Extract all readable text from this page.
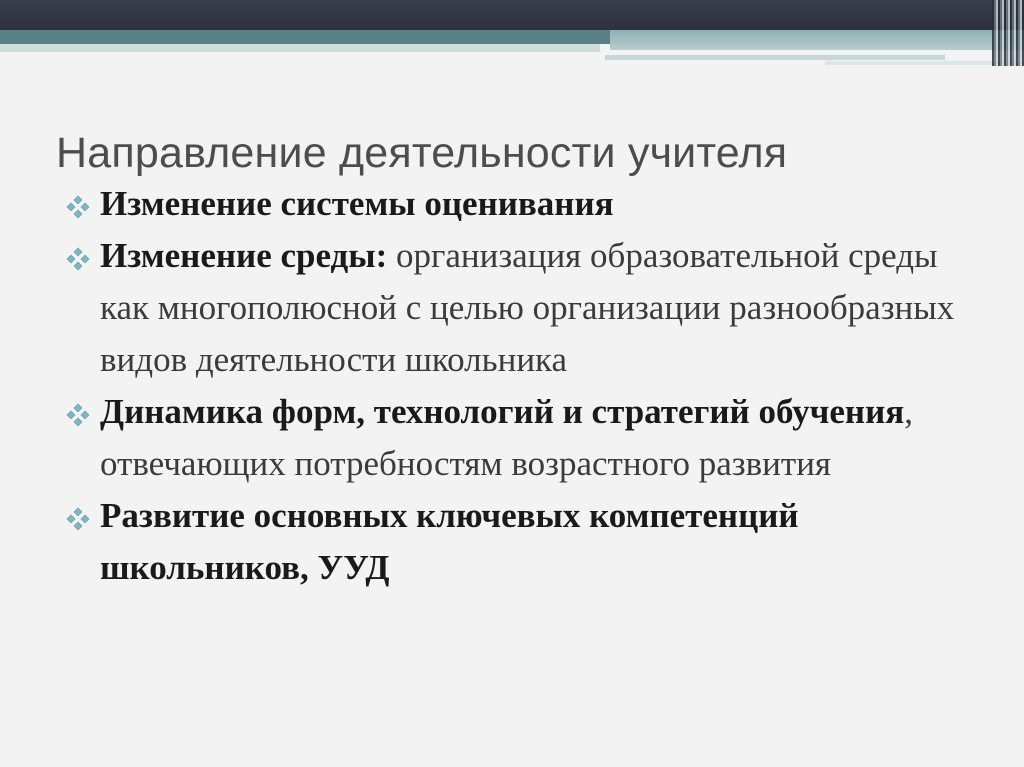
Направление деятельности учителя
Изменение системы оценивания
Изменение среды: организация образовательной среды как многополюсной с целью организации разнообразных видов деятельности школьника
Динамика форм, технологий и стратегий обучения, отвечающих потребностям возрастного развития
Развитие основных ключевых компетенций школьников, УУД
